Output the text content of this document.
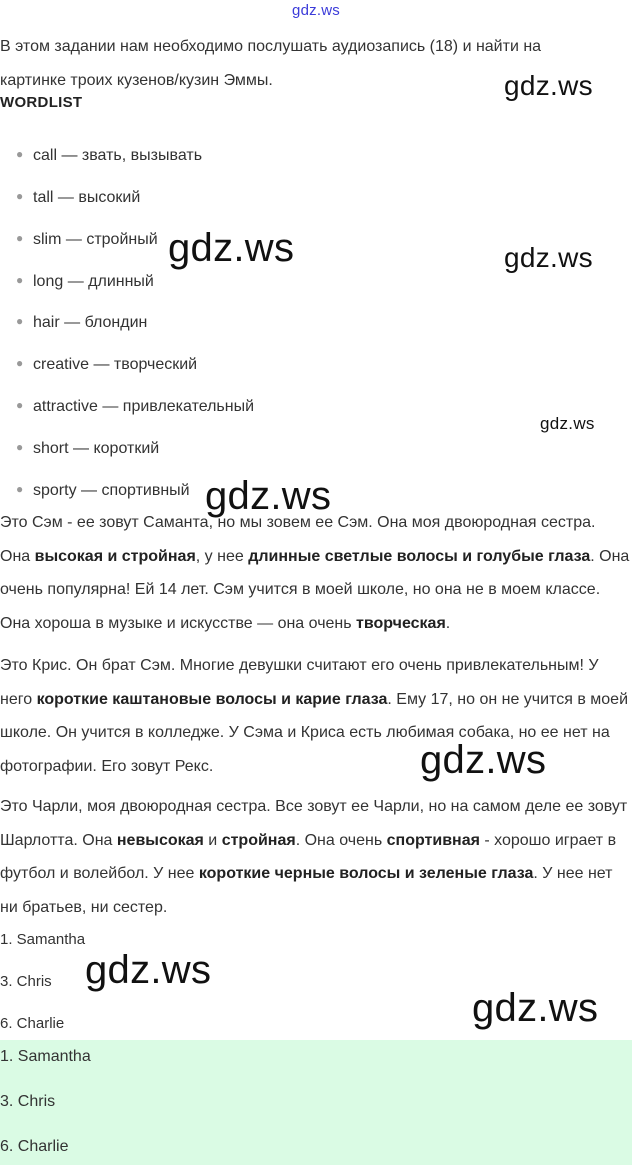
gdz.ws
В этом задании нам необходимо послушать аудиозапись (18) и найти на
картинке троих кузенов/кузин Эммы.
WORDLIST
● call — звать, вызывать
● tall — высокий
● slim — стройный
● long — длинный
● hair — блондин
● creative — творческий
● attractive — привлекательный
● short — короткий
● sporty — спортивный
Это Сэм - ее зовут Саманта, но мы зовем ее Сэм. Она моя двоюродная сестра. Она высокая и стройная, у нее длинные светлые волосы и голубые глаза. Она очень популярна! Ей 14 лет. Сэм учится в моей школе, но она не в моем классе. Она хороша в музыке и искусстве — она очень творческая.
Это Крис. Он брат Сэм. Многие девушки считают его очень привлекательным! У него короткие каштановые волосы и карие глаза. Ему 17, но он не учится в моей школе. Он учится в колледже. У Сэма и Криса есть любимая собака, но ее нет на фотографии. Его зовут Рекс.
Это Чарли, моя двоюродная сестра. Все зовут ее Чарли, но на самом деле ее зовут Шарлотта. Она невысокая и стройная. Она очень спортивная - хорошо играет в футбол и волейбол. У нее короткие черные волосы и зеленые глаза. У нее нет ни братьев, ни сестер.
1. Samantha
3. Chris
6. Charlie
1. Samantha
3. Chris
6. Charlie
gdz.ws
gdz.ws	gdz.ws
gdz.ws
gdz.ws
gdz.ws
gdz.ws
gdz.ws
